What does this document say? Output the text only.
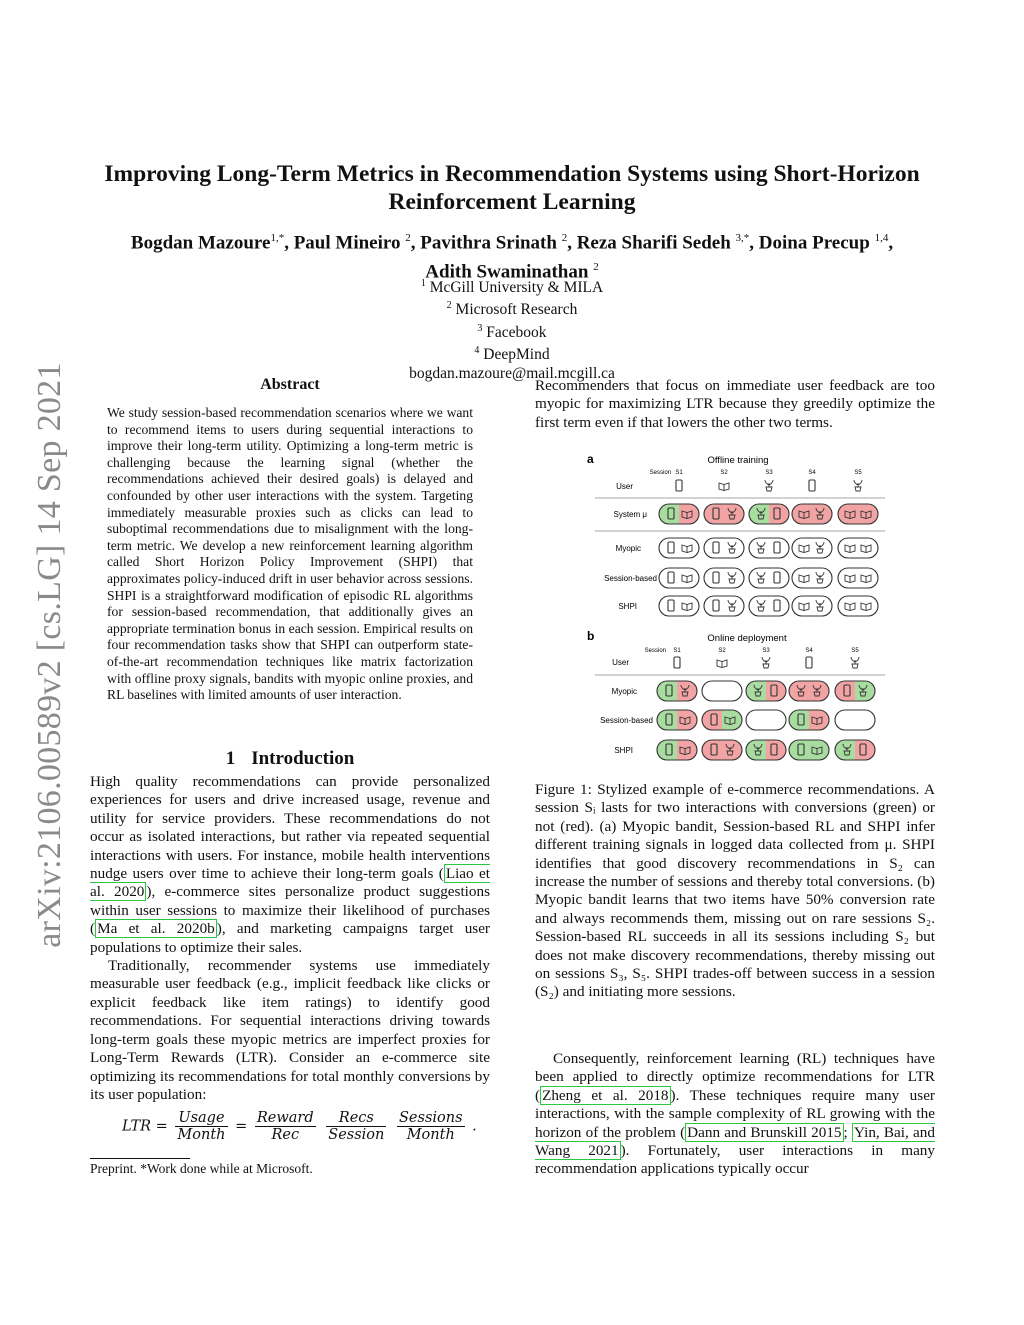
arXiv:2106.00589v2 [cs.LG] 14 Sep 2021
Improving Long-Term Metrics in Recommendation Systems using Short-Horizon Reinforcement Learning
Bogdan Mazoure$^{1,*}$, Paul Mineiro $^2$, Pavithra Srinath $^2$, Reza Sharifi Sedeh $^{3,*}$, Doina Precup $^{1,4}$,
Adith Swaminathan $^2$
$^1$ McGill University & MILA
$^2$ Microsoft Research
$^3$ Facebook
$^4$ DeepMind
bogdan.mazoure@mail.mcgill.ca
Abstract
We study session-based recommendation scenarios where we want to recommend items to users during sequential interactions to improve their long-term utility. Optimizing a long-term metric is challenging because the learning signal (whether the recommendations achieved their desired goals) is delayed and confounded by other user interactions with the system. Targeting immediately measurable proxies such as clicks can lead to suboptimal recommendations due to misalignment with the long-term metric. We develop a new reinforcement learning algorithm called Short Horizon Policy Improvement (SHPI) that approximates policy-induced drift in user behavior across sessions. SHPI is a straightforward modification of episodic RL algorithms for session-based recommendation, that additionally gives an appropriate termination bonus in each session. Empirical results on four recommendation tasks show that SHPI can outperform state-of-the-art recommendation techniques like matrix factorization with offline proxy signals, bandits with myopic online proxies, and RL baselines with limited amounts of user interaction.
1 Introduction

High quality recommendations can provide personalized experiences for users and drive increased usage, revenue and utility for service providers. These recommendations do not occur as isolated interactions, but rather via repeated sequential interactions with users. For instance, mobile health interventions nudge users over time to achieve their long-term goals ( Liao et al. 2020 ), e-commerce sites personalize product suggestions within user sessions to maximize their likelihood of purchases ( Ma et al. 2020b ), and marketing campaigns target user populations to optimize their sales.

Traditionally, recommender systems use immediately measurable user feedback (e.g., implicit feedback like clicks or explicit feedback like item ratings) to identify good recommendations. For sequential interactions driving towards long-term goals these myopic metrics are imperfect proxies for Long-Term Rewards (LTR). Consider an e-commerce site optimizing its recommendations for total monthly conversions by its user population:

LTR = $\frac{\text{Usage}}{\text{Month}} = \frac{\text{Reward}}{\text{Rec}}$
$\frac{\text{Recs}}{\text{Session}}$
$\frac{\text{Sessions}}{\text{Month}}$ .
Preprint. *Work done while at Microsoft.

Recommenders that focus on immediate user feedback are too myopic for maximizing LTR because they greedily optimize the first term even if that lowers the other two terms.

a	Offline training
Session S1	S2	S3	S4	S5
User
System μ
Myopic
Session-based
SHPI
b	Online deployment
Session S1	S2	S3	S4	S5
User
Myopic
Session-based
SHPI
Figure 1: Stylized example of e-commerce recommendations. A session Sᵢ lasts for two interactions with conversions (green) or not (red). (a) Myopic bandit, Session-based RL and SHPI infer different training signals in logged data collected from μ. SHPI identifies that good discovery recommendations in S₂ can increase the number of sessions and thereby total conversions. (b) Myopic bandit learns that two items have 50% conversion rate and always recommends them, missing out on rare sessions S₂. Session-based RL succeeds in all its sessions including S₂ but does not make discovery recommendations, thereby missing out on sessions S₃, S₅. SHPI trades-off between success in a session (S₂) and initiating more sessions.

Consequently, reinforcement learning (RL) techniques have been applied to directly optimize recommendations for LTR ( Zheng et al. 2018 ). These techniques require many user interactions, with the sample complexity of RL growing with the horizon of the problem ( Dann and Brunskill 2015 ; Yin, Bai, and Wang 2021 ). Fortunately, user interactions in many recommendation applications typically occur
